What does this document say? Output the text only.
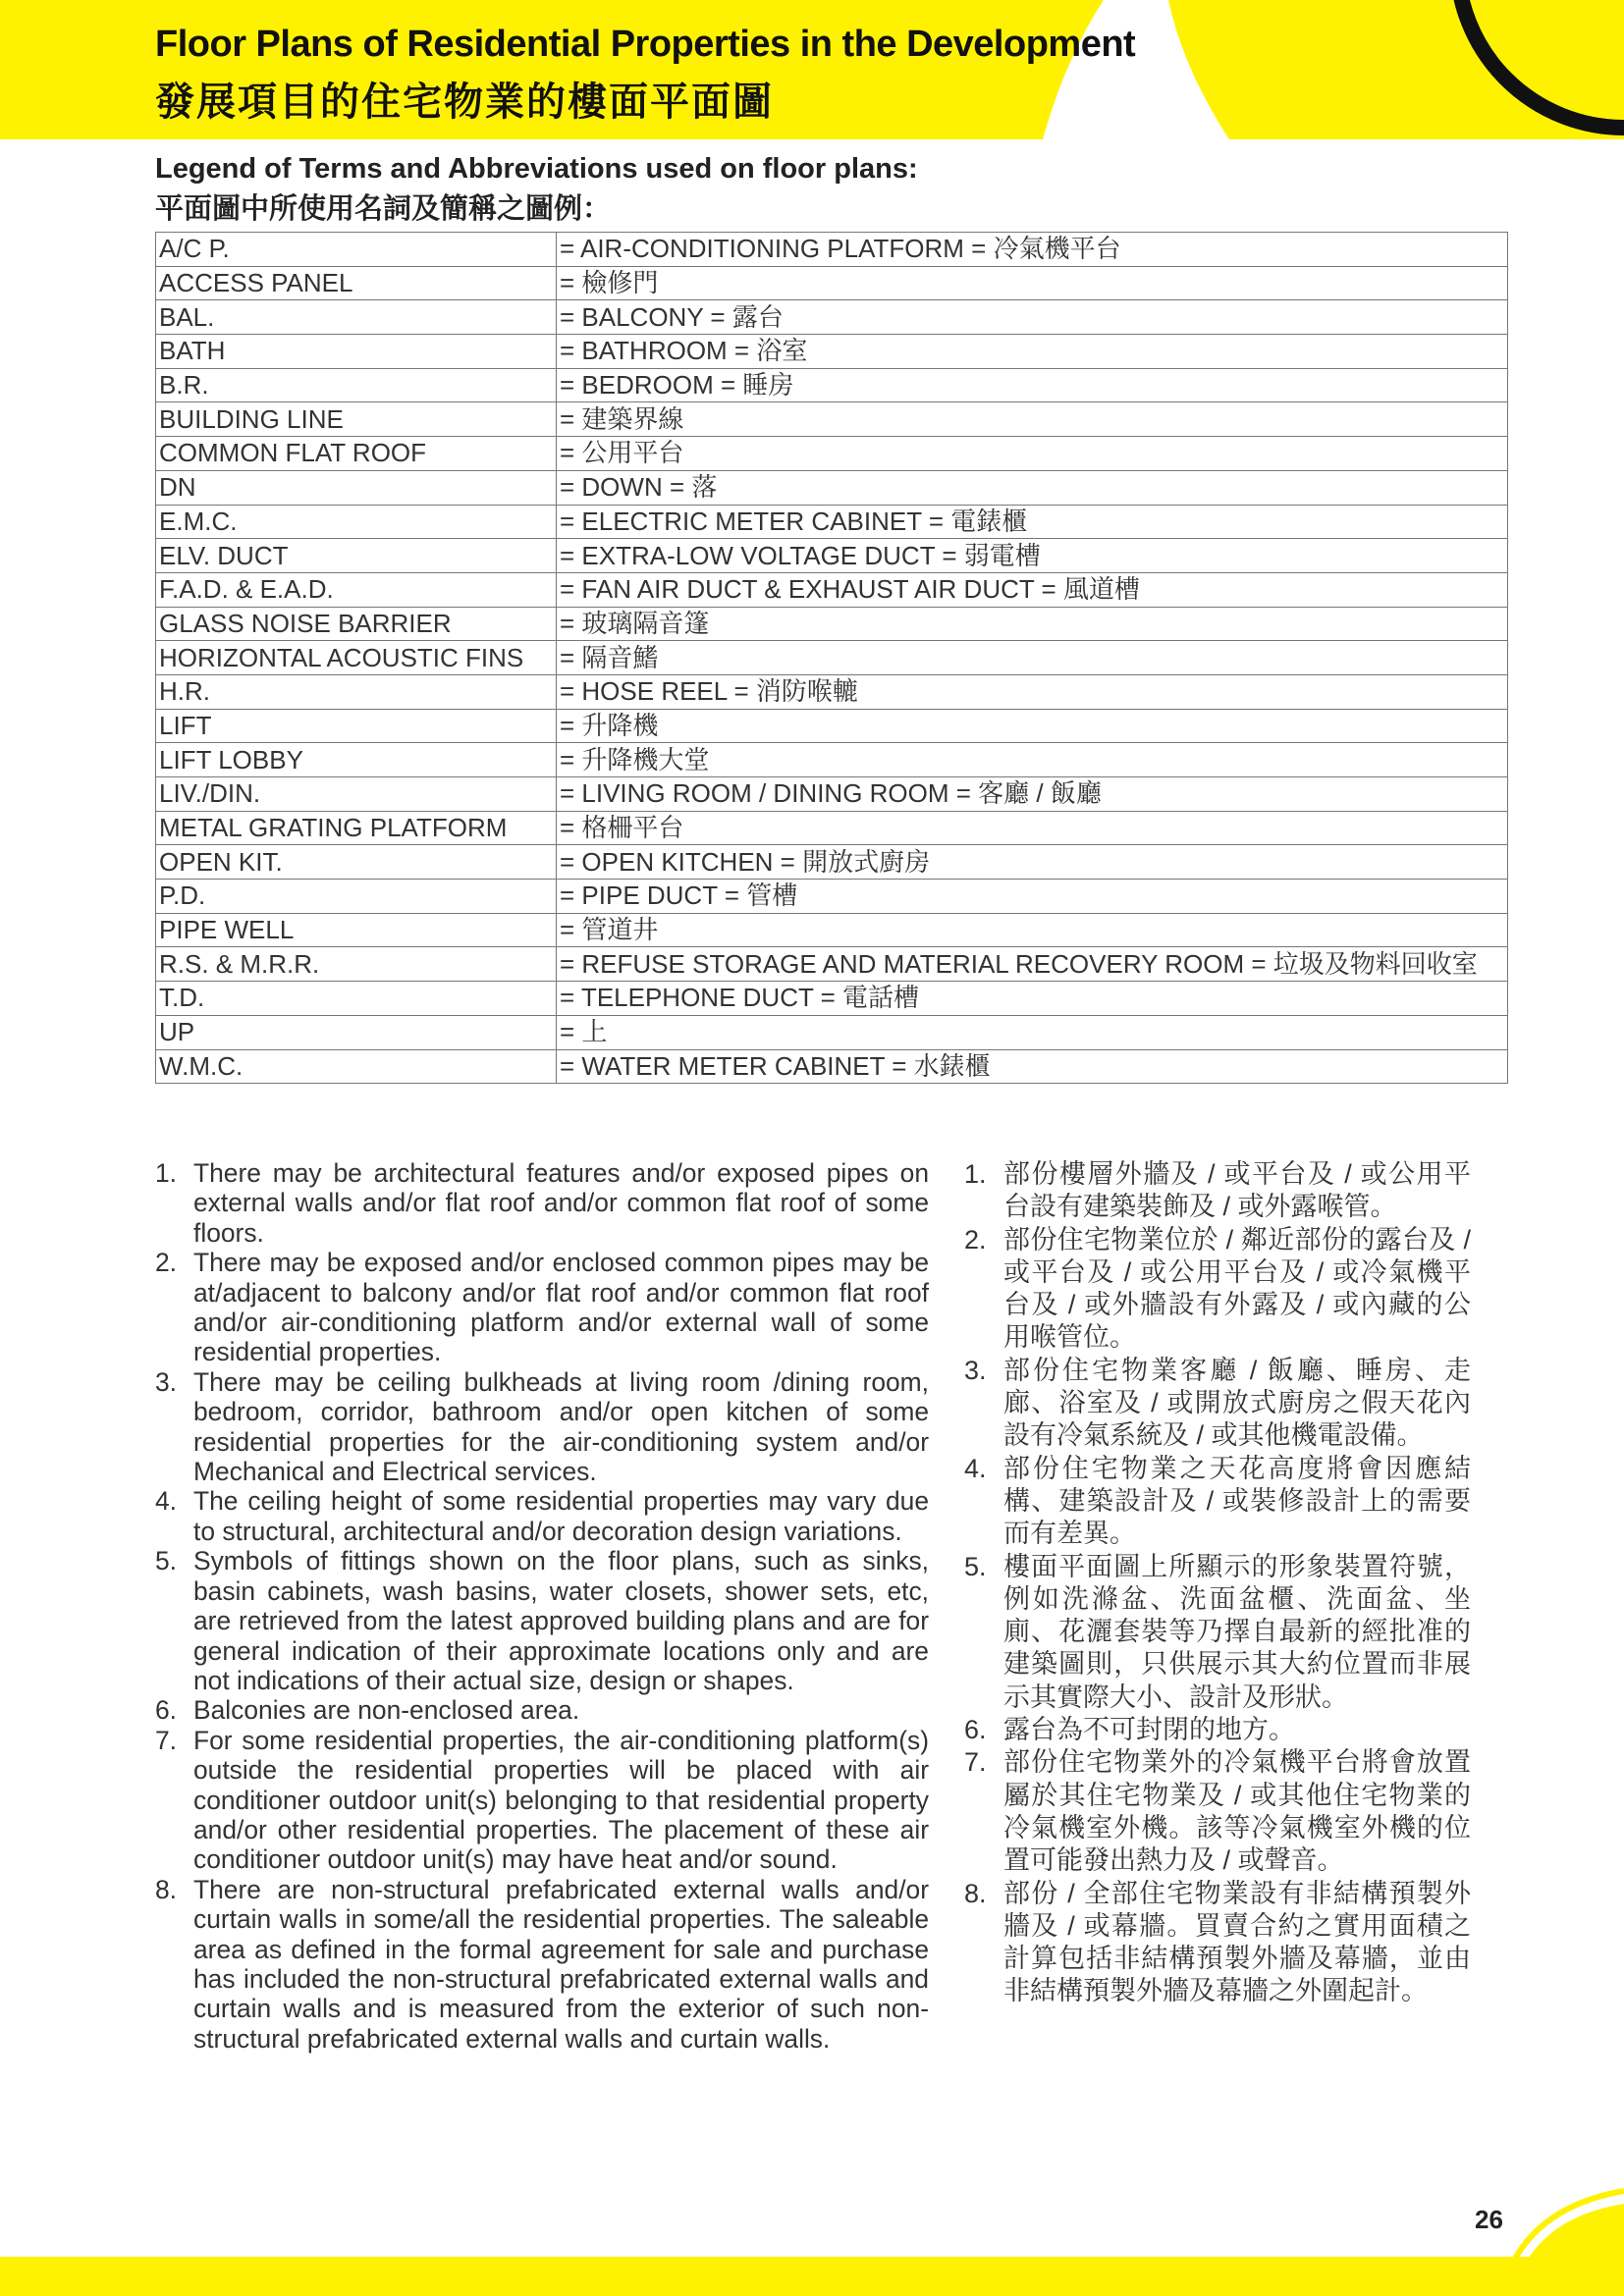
Floor Plans of Residential Properties in the Development
發展項目的住宅物業的樓面平面圖
Legend of Terms and Abbreviations used on floor plans:
平面圖中所使用名詞及簡稱之圖例：
A/C P.	= AIR-CONDITIONING PLATFORM = 冷氣機平台
ACCESS PANEL	= 檢修門
BAL.	= BALCONY = 露台
BATH	= BATHROOM = 浴室
B.R.	= BEDROOM = 睡房
BUILDING LINE	= 建築界線
COMMON FLAT ROOF	= 公用平台
DN	= DOWN = 落
E.M.C.	= ELECTRIC METER CABINET = 電錶櫃
ELV. DUCT	= EXTRA-LOW VOLTAGE DUCT = 弱電槽
F.A.D. & E.A.D.	= FAN AIR DUCT & EXHAUST AIR DUCT = 風道槽
GLASS NOISE BARRIER	= 玻璃隔音篷
HORIZONTAL ACOUSTIC FINS	= 隔音鰭
H.R.	= HOSE REEL = 消防喉轆
LIFT	= 升降機
LIFT LOBBY	= 升降機大堂
LIV./DIN.	= LIVING ROOM / DINING ROOM = 客廳 / 飯廳
METAL GRATING PLATFORM	= 格柵平台
OPEN KIT.	= OPEN KITCHEN = 開放式廚房
P.D.	= PIPE DUCT = 管槽
PIPE WELL	= 管道井
R.S. & M.R.R.	= REFUSE STORAGE AND MATERIAL RECOVERY ROOM = 垃圾及物料回收室
T.D.	= TELEPHONE DUCT = 電話槽
UP	= 上
W.M.C.	= WATER METER CABINET = 水錶櫃
1. There may be architectural features and/or exposed pipes on external walls and/or flat roof and/or common flat roof of some floors.
2. There may be exposed and/or enclosed common pipes may be at/adjacent to balcony and/or flat roof and/or common flat roof and/or air-conditioning platform and/or external wall of some residential properties.
3. There may be ceiling bulkheads at living room /dining room, bedroom, corridor, bathroom and/or open kitchen of some residential properties for the air-conditioning system and/or Mechanical and Electrical services.
4. The ceiling height of some residential properties may vary due to structural, architectural and/or decoration design variations.
5. Symbols of fittings shown on the floor plans, such as sinks, basin cabinets, wash basins, water closets, shower sets, etc, are retrieved from the latest approved building plans and are for general indication of their approximate locations only and are not indications of their actual size, design or shapes.
6. Balconies are non-enclosed area.
7. For some residential properties, the air-conditioning platform(s) outside the residential properties will be placed with air conditioner outdoor unit(s) belonging to that residential property and/or other residential properties. The placement of these air conditioner outdoor unit(s) may have heat and/or sound.
8. There are non-structural prefabricated external walls and/or curtain walls in some/all the residential properties. The saleable area as defined in the formal agreement for sale and purchase has included the non-structural prefabricated external walls and curtain walls and is measured from the exterior of such non-structural prefabricated external walls and curtain walls.
1. 部份樓層外牆及 / 或平台及 / 或公用平台設有建築裝飾及 / 或外露喉管。
2. 部份住宅物業位於 / 鄰近部份的露台及 / 或平台及 / 或公用平台及 / 或冷氣機平台及 / 或外牆設有外露及 / 或內藏的公用喉管位。
3. 部份住宅物業客廳 / 飯廳、睡房、走廊、浴室及 / 或開放式廚房之假天花內設有冷氣系統及 / 或其他機電設備。
4. 部份住宅物業之天花高度將會因應結構、建築設計及 / 或裝修設計上的需要而有差異。
5. 樓面平面圖上所顯示的形象裝置符號，例如洗滌盆、洗面盆櫃、洗面盆、坐廁、花灑套裝等乃擇自最新的經批准的建築圖則，只供展示其大約位置而非展示其實際大小、設計及形狀。
6. 露台為不可封閉的地方。
7. 部份住宅物業外的冷氣機平台將會放置屬於其住宅物業及 / 或其他住宅物業的冷氣機室外機。該等冷氣機室外機的位置可能發出熱力及 / 或聲音。
8. 部份 / 全部住宅物業設有非結構預製外牆及 / 或幕牆。買賣合約之實用面積之計算包括非結構預製外牆及幕牆，並由非結構預製外牆及幕牆之外圍起計。
26
